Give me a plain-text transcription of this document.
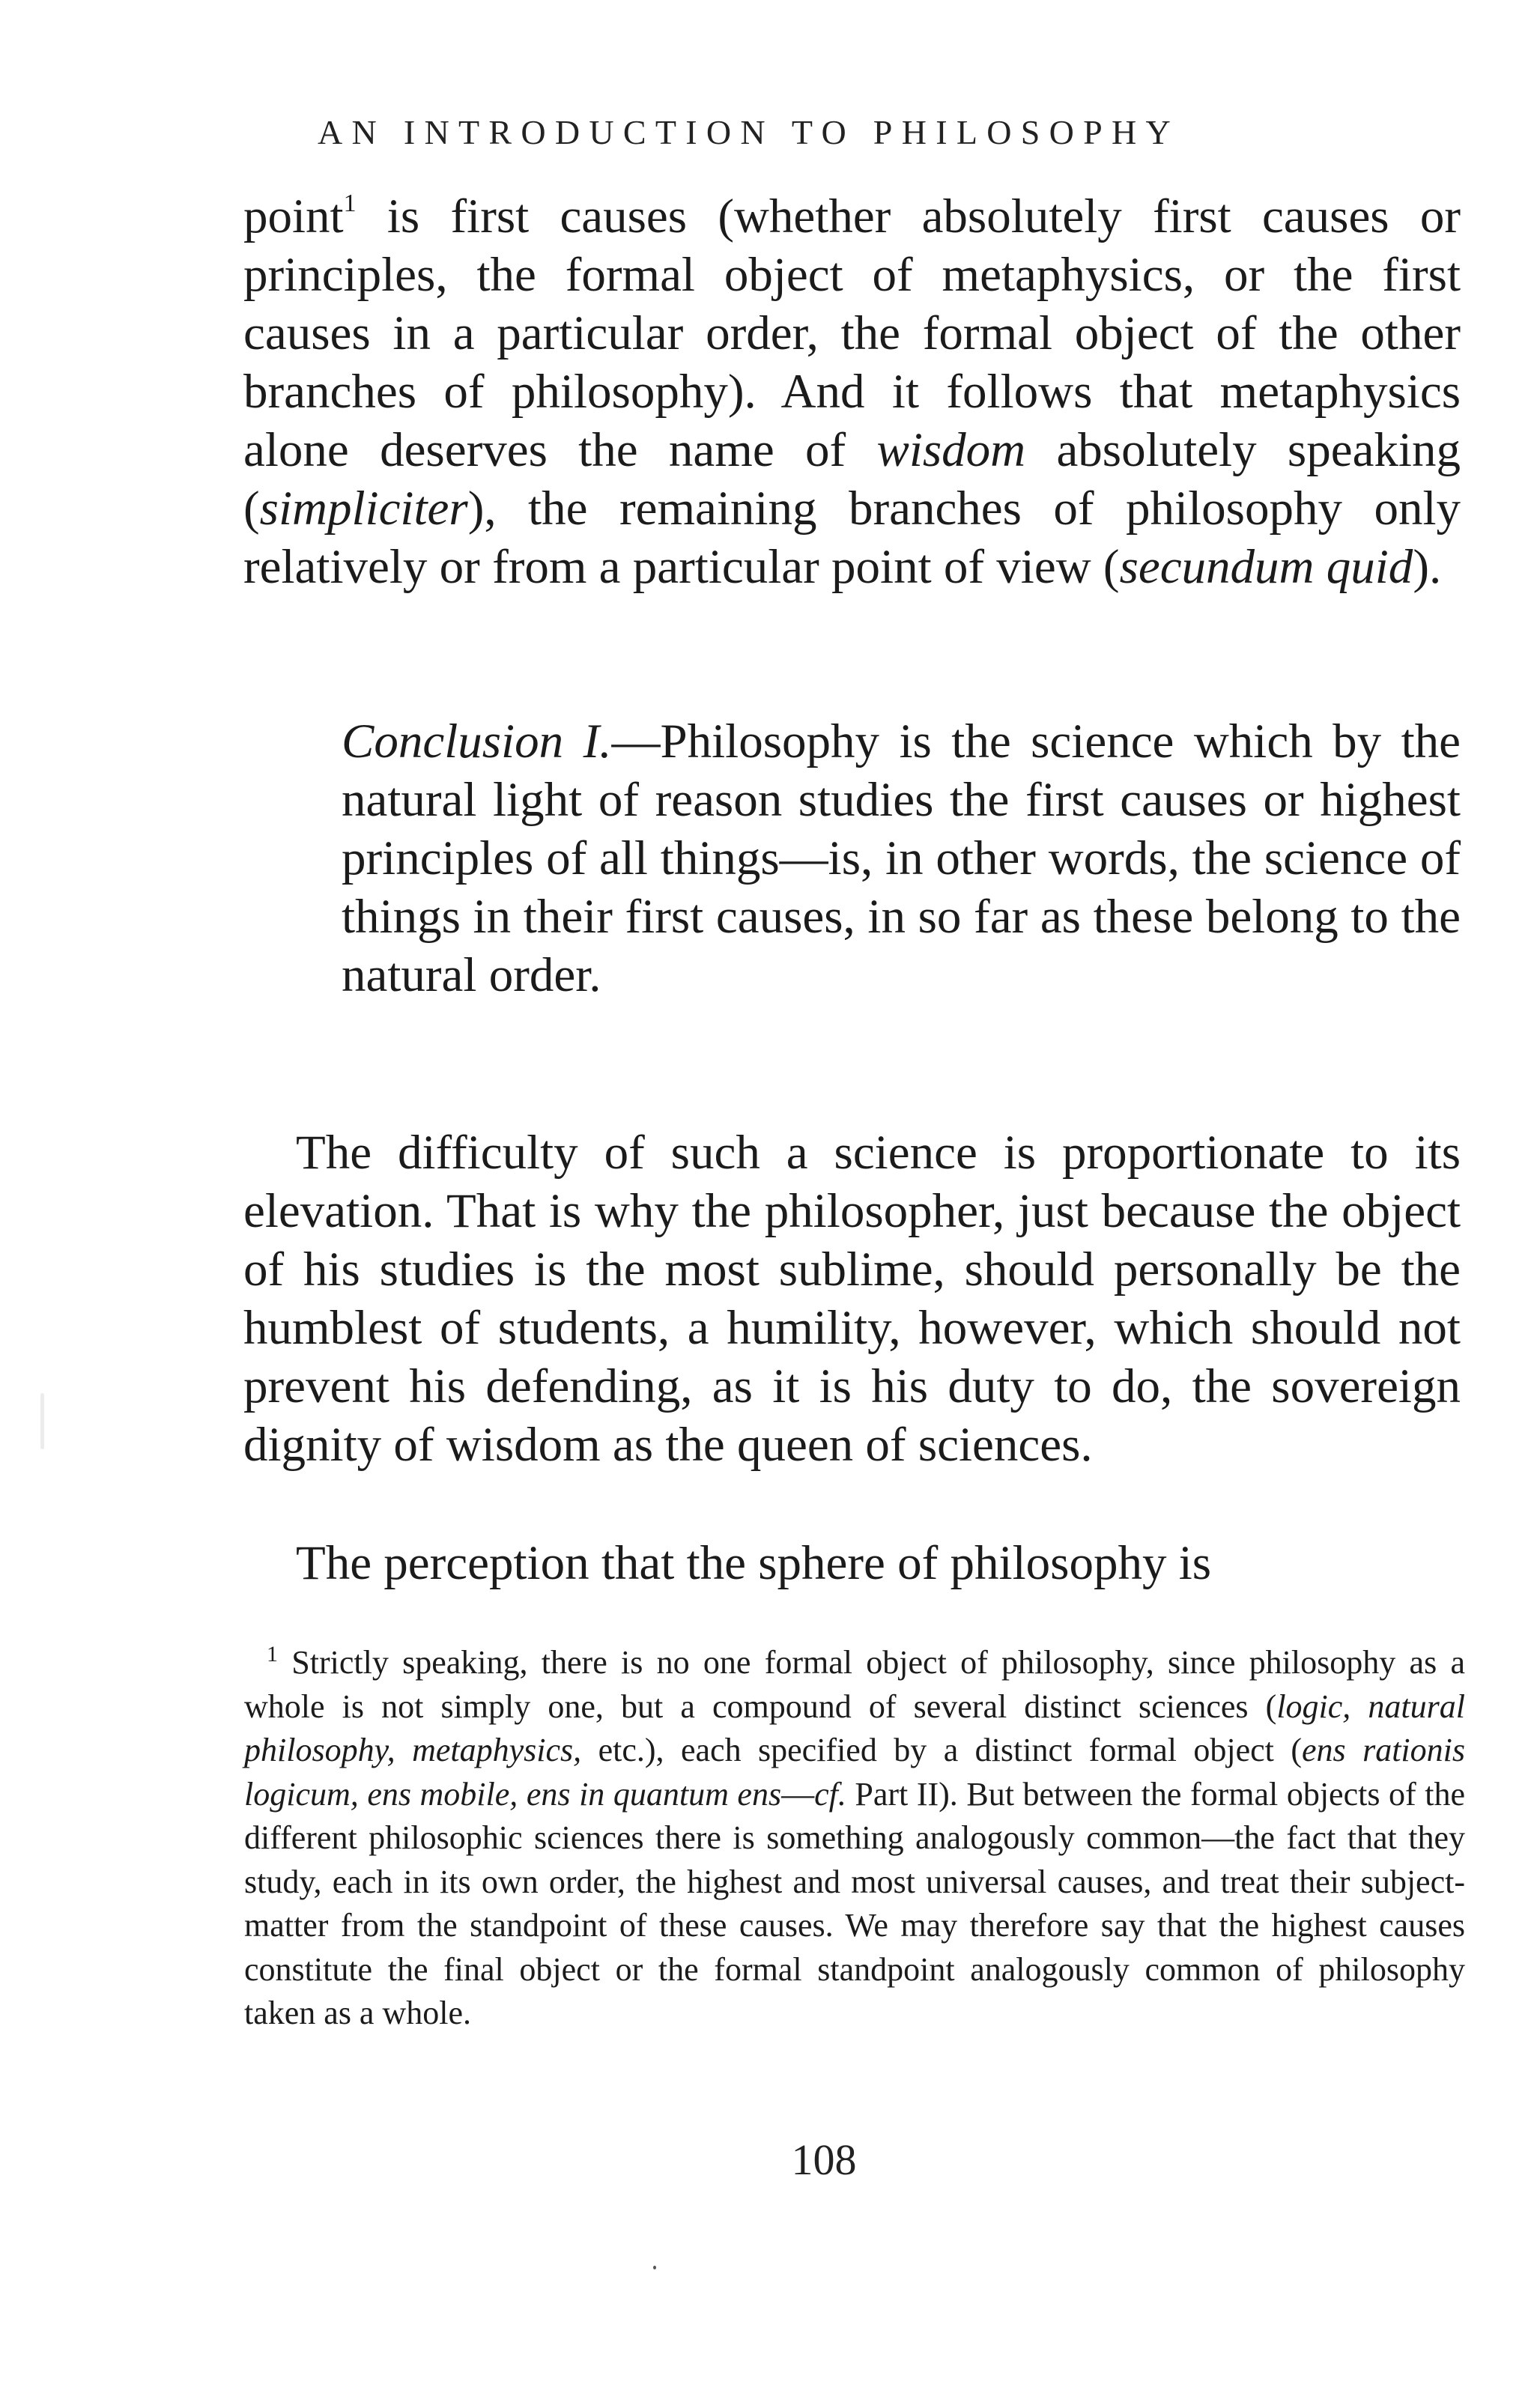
AN INTRODUCTION TO PHILOSOPHY

point$^1$ is first causes (whether absolutely first causes or principles, the formal object of metaphysics, or the first causes in a particular order, the formal object of the other branches of philosophy). And it follows that metaphysics alone deserves the name of wisdom absolutely speaking (simpliciter), the remaining branches of philosophy only relatively or from a particular point of view (secundum quid).

Conclusion I.—Philosophy is the science which by the natural light of reason studies the first causes or highest principles of all things—is, in other words, the science of things in their first causes, in so far as these belong to the natural order.

The difficulty of such a science is proportionate to its elevation. That is why the philosopher, just because the object of his studies is the most sublime, should personally be the humblest of students, a humility, however, which should not prevent his defending, as it is his duty to do, the sovereign dignity of wisdom as the queen of sciences.

The perception that the sphere of philosophy is

$^1$ Strictly speaking, there is no one formal object of philosophy, since philosophy as a whole is not simply one, but a compound of several distinct sciences (logic, natural philosophy, metaphysics, etc.), each specified by a distinct formal object (ens rationis logicum, ens mobile, ens in quantum ens—cf. Part II). But between the formal objects of the different philosophic sciences there is something analogously common—the fact that they study, each in its own order, the highest and most universal causes, and treat their subject-matter from the standpoint of these causes. We may therefore say that the highest causes constitute the final object or the formal standpoint analogously common of philosophy taken as a whole.

108
